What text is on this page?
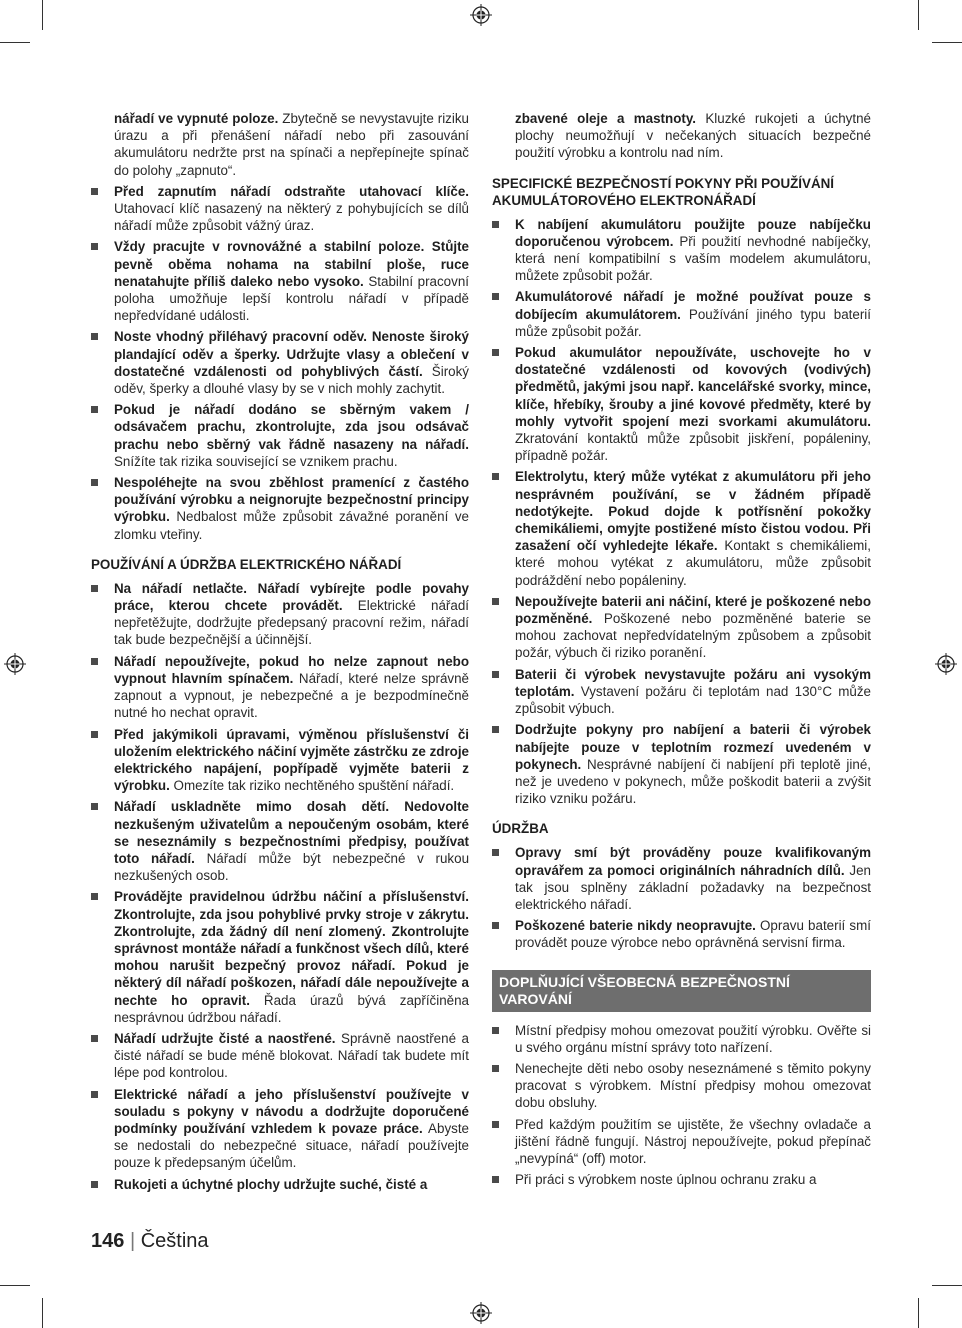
nářadí ve vypnuté poloze. Zbytečně se nevystavujte riziku úrazu a při přenášení nářadí nebo při zasouvání akumulátoru nedržte prst na spínači a nepřepínejte spínač do polohy „zapnuto“.

Před zapnutím nářadí odstraňte utahovací klíče. Utahovací klíč nasazený na některý z pohybujících se dílů nářadí může způsobit vážný úraz.

Vždy pracujte v rovnovážné a stabilní poloze. Stůjte pevně oběma nohama na stabilní ploše, ruce nenatahujte příliš daleko nebo vysoko. Stabilní pracovní poloha umožňuje lepší kontrolu nářadí v případě nepředvídané události.

Noste vhodný přiléhavý pracovní oděv. Nenoste široký plandající oděv a šperky. Udržujte vlasy a oblečení v dostatečné vzdálenosti od pohyblivých částí. Široký oděv, šperky a dlouhé vlasy by se v nich mohly zachytit.

Pokud je nářadí dodáno se sběrným vakem / odsávačem prachu, zkontrolujte, zda jsou odsávač prachu nebo sběrný vak řádně nasazeny na nářadí. Snížíte tak rizika související se vznikem prachu.

Nespoléhejte na svou zběhlost pramenící z častého používání výrobku a neignorujte bezpečnostní principy výrobku. Nedbalost může způsobit závažné poranění ve zlomku vteřiny.

POUŽÍVÁNÍ A ÚDRŽBA ELEKTRICKÉHO NÁŘADÍ

Na nářadí netlačte. Nářadí vybírejte podle povahy práce, kterou chcete provádět. Elektrické nářadí nepřetěžujte, dodržujte předepsaný pracovní režim, nářadí tak bude bezpečnější a účinnější.

Nářadí nepoužívejte, pokud ho nelze zapnout nebo vypnout hlavním spínačem. Nářadí, které nelze správně zapnout a vypnout, je nebezpečné a je bezpodmínečně nutné ho nechat opravit.

Před jakýmikoli úpravami, výměnou příslušenství či uložením elektrického náčiní vyjměte zástrčku ze zdroje elektrického napájení, popřípadě vyjměte baterii z výrobku. Omezíte tak riziko nechtěného spuštění nářadí.

Nářadí uskladněte mimo dosah dětí. Nedovolte nezkušeným uživatelům a nepoučeným osobám, které se neseznámily s bezpečnostními předpisy, používat toto nářadí. Nářadí může být nebezpečné v rukou nezkušených osob.

Provádějte pravidelnou údržbu náčiní a příslušenství. Zkontrolujte, zda jsou pohyblivé prvky stroje v zákrytu. Zkontrolujte, zda žádný díl není zlomený. Zkontrolujte správnost montáže nářadí a funkčnost všech dílů, které mohou narušit bezpečný provoz nářadí. Pokud je některý díl nářadí poškozen, nářadí dále nepoužívejte a nechte ho opravit. Řada úrazů bývá zapříčiněna nesprávnou údržbou nářadí.

Nářadí udržujte čisté a naostřené. Správně naostřené a čisté nářadí se bude méně blokovat. Nářadí tak budete mít lépe pod kontrolou.

Elektrické nářadí a jeho příslušenství používejte v souladu s pokyny v návodu a dodržujte doporučené podmínky používání vzhledem k povaze práce. Abyste se nedostali do nebezpečné situace, nářadí používejte pouze k předepsaným účelům.

Rukojeti a úchytné plochy udržujte suché, čisté a

zbavené oleje a mastnoty. Kluzké rukojeti a úchytné plochy neumožňují v nečekaných situacích bezpečné použití výrobku a kontrolu nad ním.

SPECIFICKÉ BEZPEČNOSTÍ POKYNY PŘI POUŽÍVÁNÍ AKUMULÁTOROVÉHO ELEKTRONÁŘADÍ

K nabíjení akumulátoru použijte pouze nabíječku doporučenou výrobcem. Při použití nevhodné nabíječky, která není kompatibilní s vaším modelem akumulátoru, můžete způsobit požár.

Akumulátorové nářadí je možné používat pouze s dobíjecím akumulátorem. Používání jiného typu baterií může způsobit požár.

Pokud akumulátor nepoužíváte, uschovejte ho v dostatečné vzdálenosti od kovových (vodivých) předmětů, jakými jsou např. kancelářské svorky, mince, klíče, hřebíky, šrouby a jiné kovové předměty, které by mohly vytvořit spojení mezi svorkami akumulátoru. Zkratování kontaktů může způsobit jiskření, popáleniny, případně požár.

Elektrolytu, který může vytékat z akumulátoru při jeho nesprávném používání, se v žádném případě nedotýkejte. Pokud dojde k potřísnění pokožky chemikáliemi, omyjte postižené místo čistou vodou. Při zasažení očí vyhledejte lékaře. Kontakt s chemikáliemi, které mohou vytékat z akumulátoru, může způsobit podráždění nebo popáleniny.

Nepoužívejte baterii ani náčiní, které je poškozené nebo pozměněné. Poškozené nebo pozměněné baterie se mohou zachovat nepředvídatelným způsobem a způsobit požár, výbuch či riziko poranění.

Baterii či výrobek nevystavujte požáru ani vysokým teplotám. Vystavení požáru či teplotám nad 130°C může způsobit výbuch.

Dodržujte pokyny pro nabíjení a baterii či výrobek nabíjejte pouze v teplotním rozmezí uvedeném v pokynech. Nesprávné nabíjení či nabíjení při teplotě jiné, než je uvedeno v pokynech, může poškodit baterii a zvýšit riziko vzniku požáru.

ÚDRŽBA

Opravy smí být prováděny pouze kvalifikovaným opravářem za pomoci originálních náhradních dílů. Jen tak jsou splněny základní požadavky na bezpečnost elektrického nářadí.

Poškozené baterie nikdy neopravujte. Opravu baterií smí provádět pouze výrobce nebo oprávněná servisní firma.

DOPLŇUJÍCÍ VŠEOBECNÁ BEZPEČNOSTNÍ VAROVÁNÍ

Místní předpisy mohou omezovat použití výrobku. Ověřte si u svého orgánu místní správy toto nařízení.

Nenechejte děti nebo osoby neseznámené s těmito pokyny pracovat s výrobkem. Místní předpisy mohou omezovat dobu obsluhy.

Před každým použitím se ujistěte, že všechny ovladače a jištění řádně fungují. Nástroj nepoužívejte, pokud přepínač „nevypíná“ (off) motor.

Při práci s výrobkem noste úplnou ochranu zraku a

146 | Čeština
